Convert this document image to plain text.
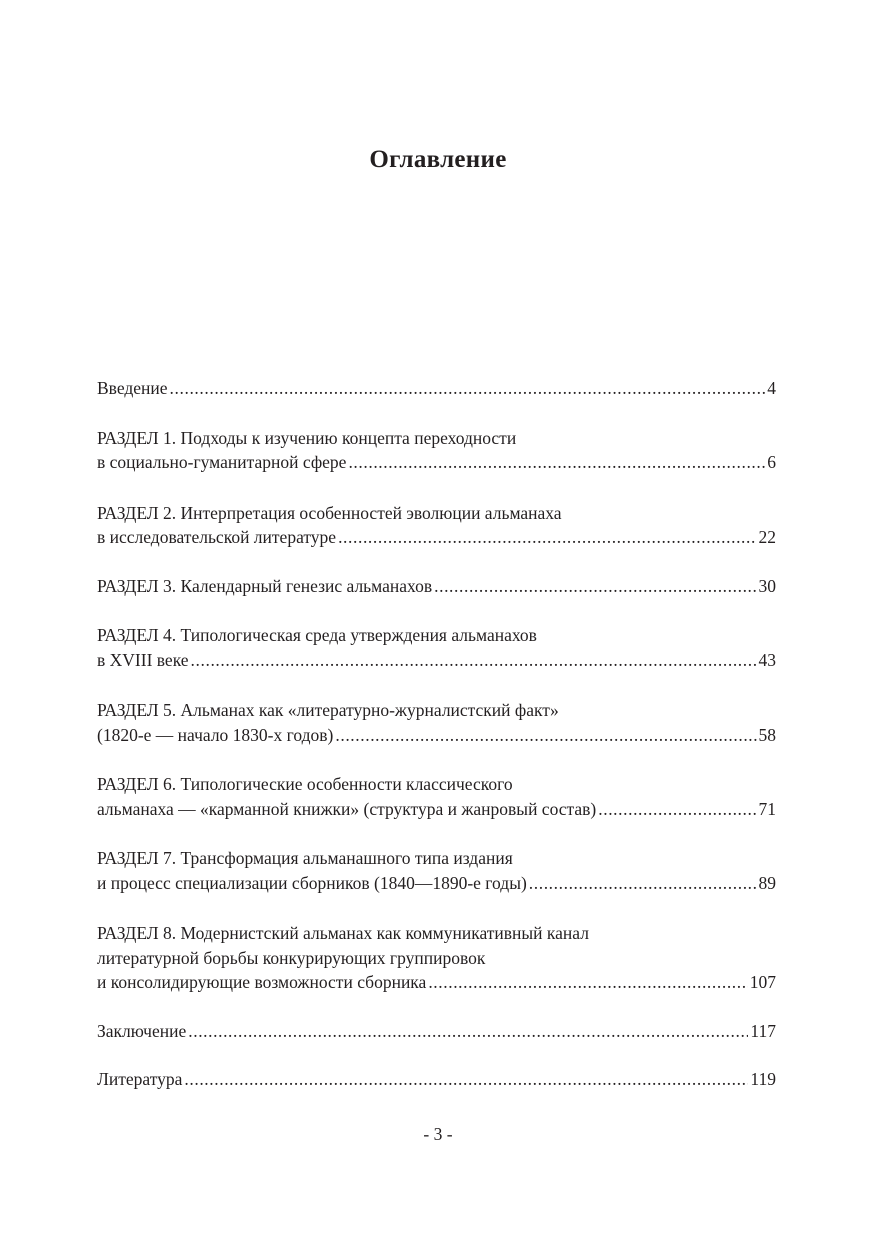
Оглавление
Введение .....	4
РАЗДЕЛ 1. Подходы к изучению концепта переходности
в социально-гуманитарной сфере .....	6
РАЗДЕЛ 2. Интерпретация особенностей эволюции альманаха
в исследовательской литературе .....	22
РАЗДЕЛ 3. Календарный генезис альманахов .....	30
РАЗДЕЛ 4. Типологическая среда утверждения альманахов
в XVIII веке .....	43
РАЗДЕЛ 5. Альманах как «литературно-журналистский факт»
(1820-е — начало 1830-х годов) .....	58
РАЗДЕЛ 6. Типологические особенности классического
альманаха — «карманной книжки» (структура и жанровый состав) .....	71
РАЗДЕЛ 7. Трансформация альманашного типа издания
и процесс специализации сборников (1840—1890-е годы) .....	89
РАЗДЕЛ 8. Модернистский альманах как коммуникативный канал
литературной борьбы конкурирующих группировок
и консолидирующие возможности сборника .....	107
Заключение .....	117
Литература .....	119
- 3 -
